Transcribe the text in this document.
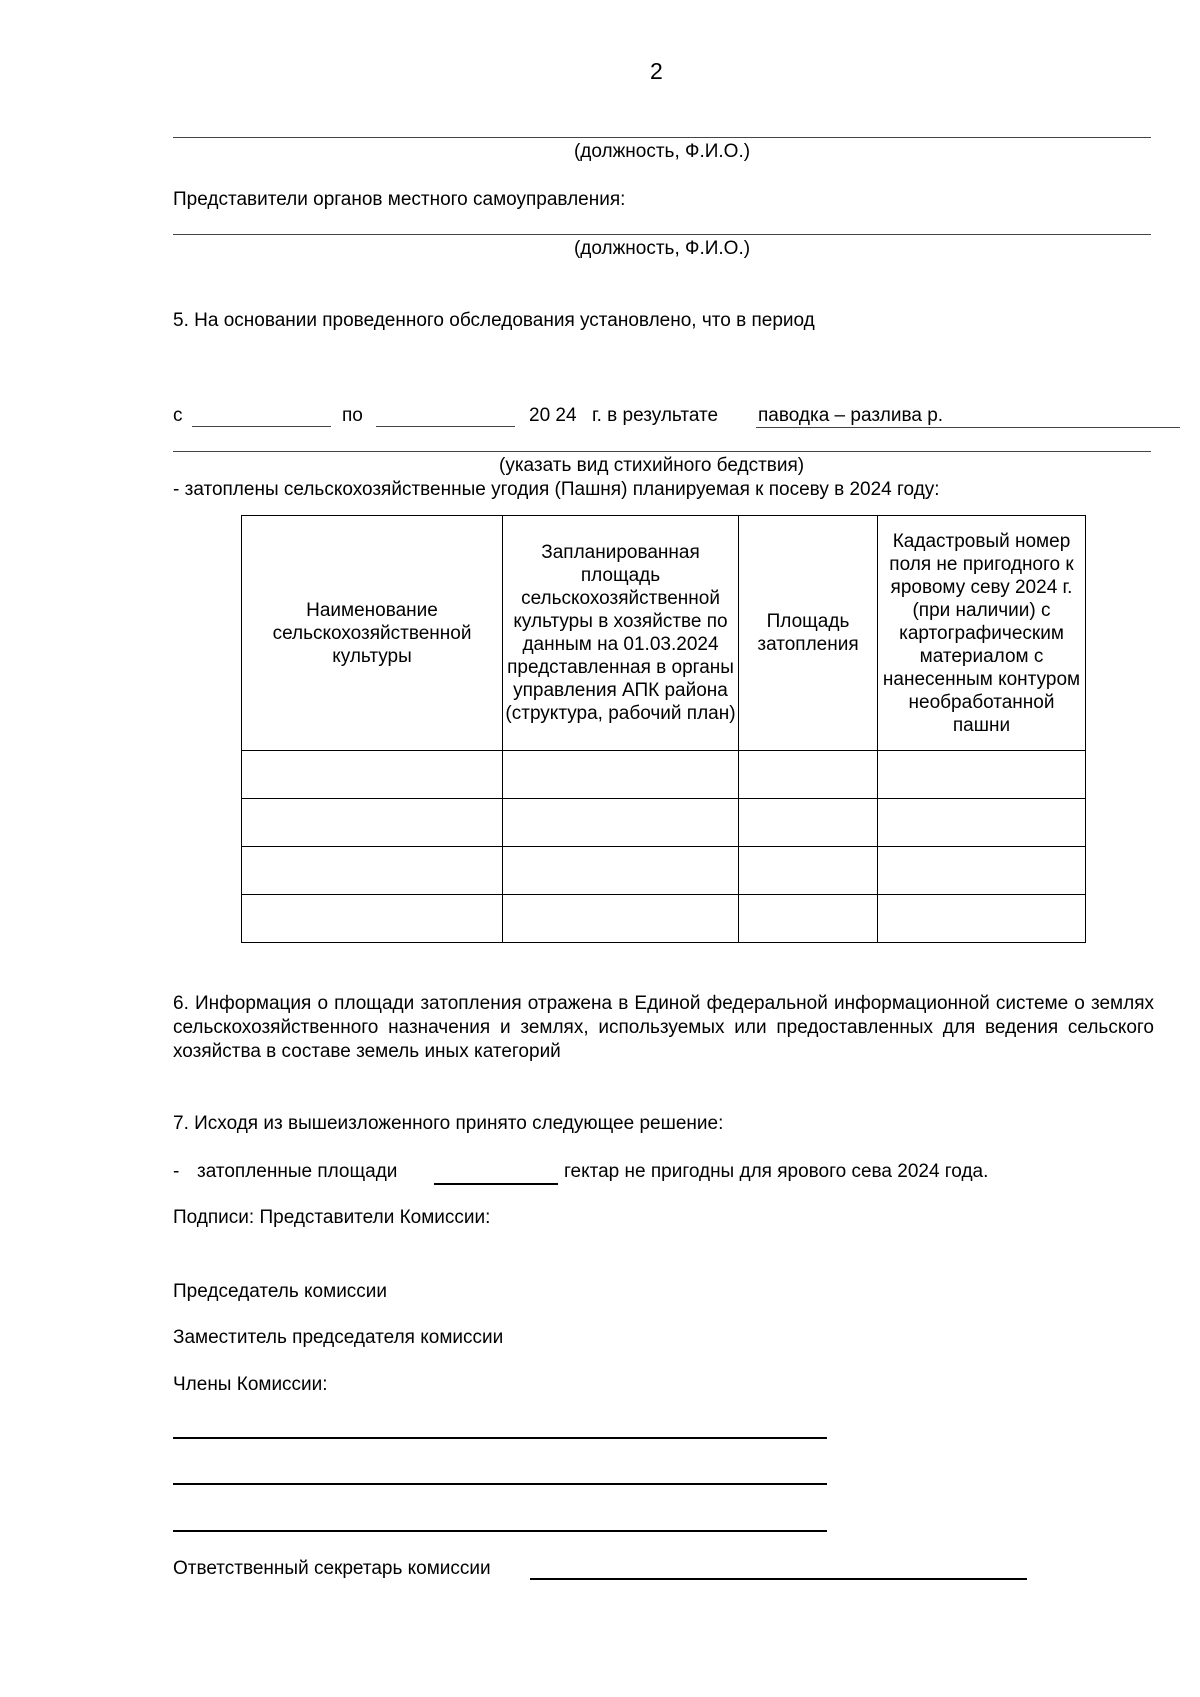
2
(должность, Ф.И.О.)
Представители органов местного самоуправления:
(должность, Ф.И.О.)
5. На основании проведенного обследования установлено, что в период
с	по	20 24 г. в результате паводка – разлива р.
(указать вид стихийного бедствия)
- затоплены сельскохозяйственные угодия (Пашня) планируемая к посеву в 2024 году:
Наименование сельскохозяйственной культуры	Запланированная площадь сельскохозяйственной культуры в хозяйстве по данным на 01.03.2024 представленная в органы управления АПК района (структура, рабочий план)	Площадь затопления	Кадастровый номер поля не пригодного к яровому севу 2024 г. (при наличии) с картографическим материалом с нанесенным контуром необработанной пашни

6. Информация о площади затопления отражена в Единой федеральной информационной системе о землях сельскохозяйственного назначения и землях, используемых или предоставленных для ведения сельского хозяйства в составе земель иных категорий
7. Исходя из вышеизложенного принято следующее решение:
- затопленные площади	гектар не пригодны для ярового сева 2024 года.
Подписи: Представители Комиссии:
Председатель комиссии
Заместитель председателя комиссии
Члены Комиссии:
Ответственный секретарь комиссии
